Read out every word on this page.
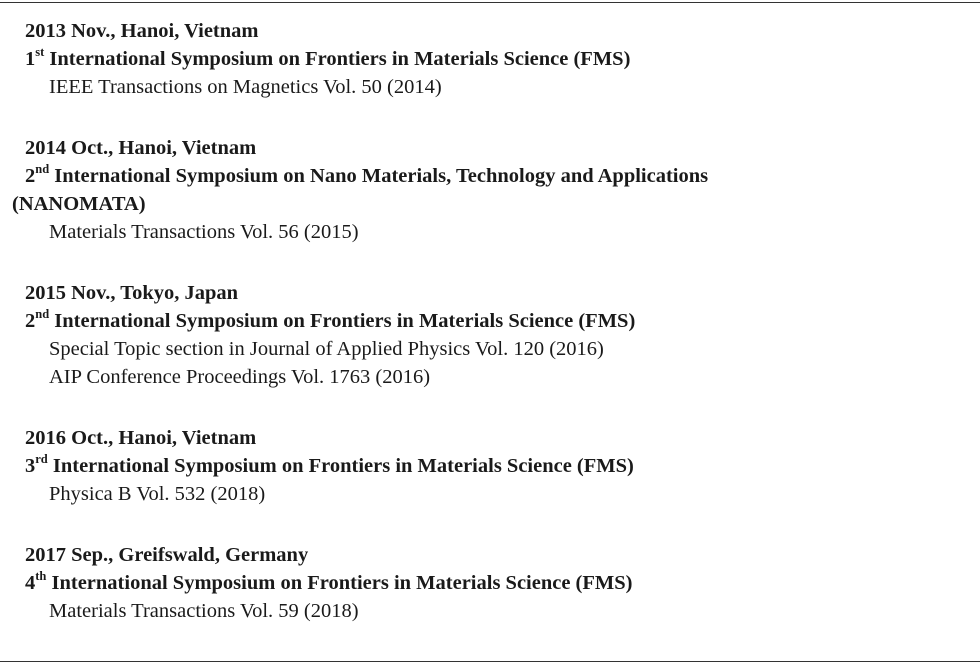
2013 Nov., Hanoi, Vietnam
1st International Symposium on Frontiers in Materials Science (FMS)
IEEE Transactions on Magnetics Vol. 50 (2014)
2014 Oct., Hanoi, Vietnam
2nd International Symposium on Nano Materials, Technology and Applications
(NANOMATA)
Materials Transactions Vol. 56 (2015)
2015 Nov., Tokyo, Japan
2nd International Symposium on Frontiers in Materials Science (FMS)
Special Topic section in Journal of Applied Physics Vol. 120 (2016)
AIP Conference Proceedings Vol. 1763 (2016)
2016 Oct., Hanoi, Vietnam
3rd International Symposium on Frontiers in Materials Science (FMS)
Physica B Vol. 532 (2018)
2017 Sep., Greifswald, Germany
4th International Symposium on Frontiers in Materials Science (FMS)
Materials Transactions Vol. 59 (2018)
